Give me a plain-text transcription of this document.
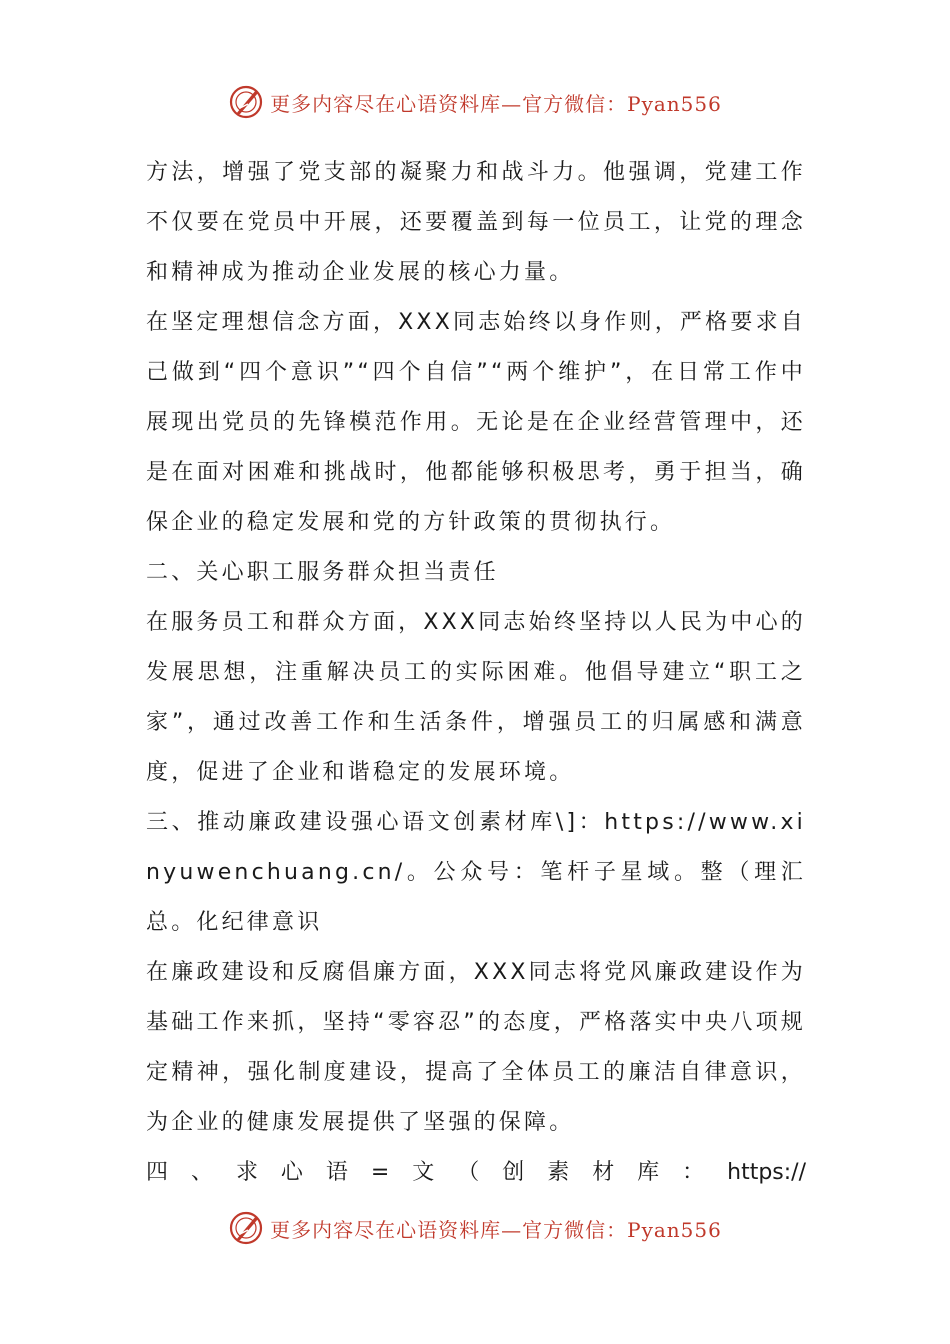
更多内容尽在心语资料库—官方微信：Pyan556

方法，增强了党支部的凝聚力和战斗力。他强调，党建工作不仅要在党员中开展，还要覆盖到每一位员工，让党的理念和精神成为推动企业发展的核心力量。

在坚定理想信念方面，XXX同志始终以身作则，严格要求自己做到“四个意识”“四个自信”“两个维护”，在日常工作中展现出党员的先锋模范作用。无论是在企业经营管理中，还是在面对困难和挑战时，他都能够积极思考，勇于担当，确保企业的稳定发展和党的方针政策的贯彻执行。

二、关心职工服务群众担当责任

在服务员工和群众方面，XXX同志始终坚持以人民为中心的发展思想，注重解决员工的实际困难。他倡导建立“职工之家”，通过改善工作和生活条件，增强员工的归属感和满意度，促进了企业和谐稳定的发展环境。

三、推动廉政建设强心语文创素材库\]：https://www.xinyuwenchuang.cn/。公众号：笔杆子星域。整（理汇总。化纪律意识

在廉政建设和反腐倡廉方面，XXX同志将党风廉政建设作为基础工作来抓，坚持“零容忍”的态度，严格落实中央八项规定精神，强化制度建设，提高了全体员工的廉洁自律意识，为企业的健康发展提供了坚强的保障。

四、求心语=文（创素材库：https://

更多内容尽在心语资料库—官方微信：Pyan556
